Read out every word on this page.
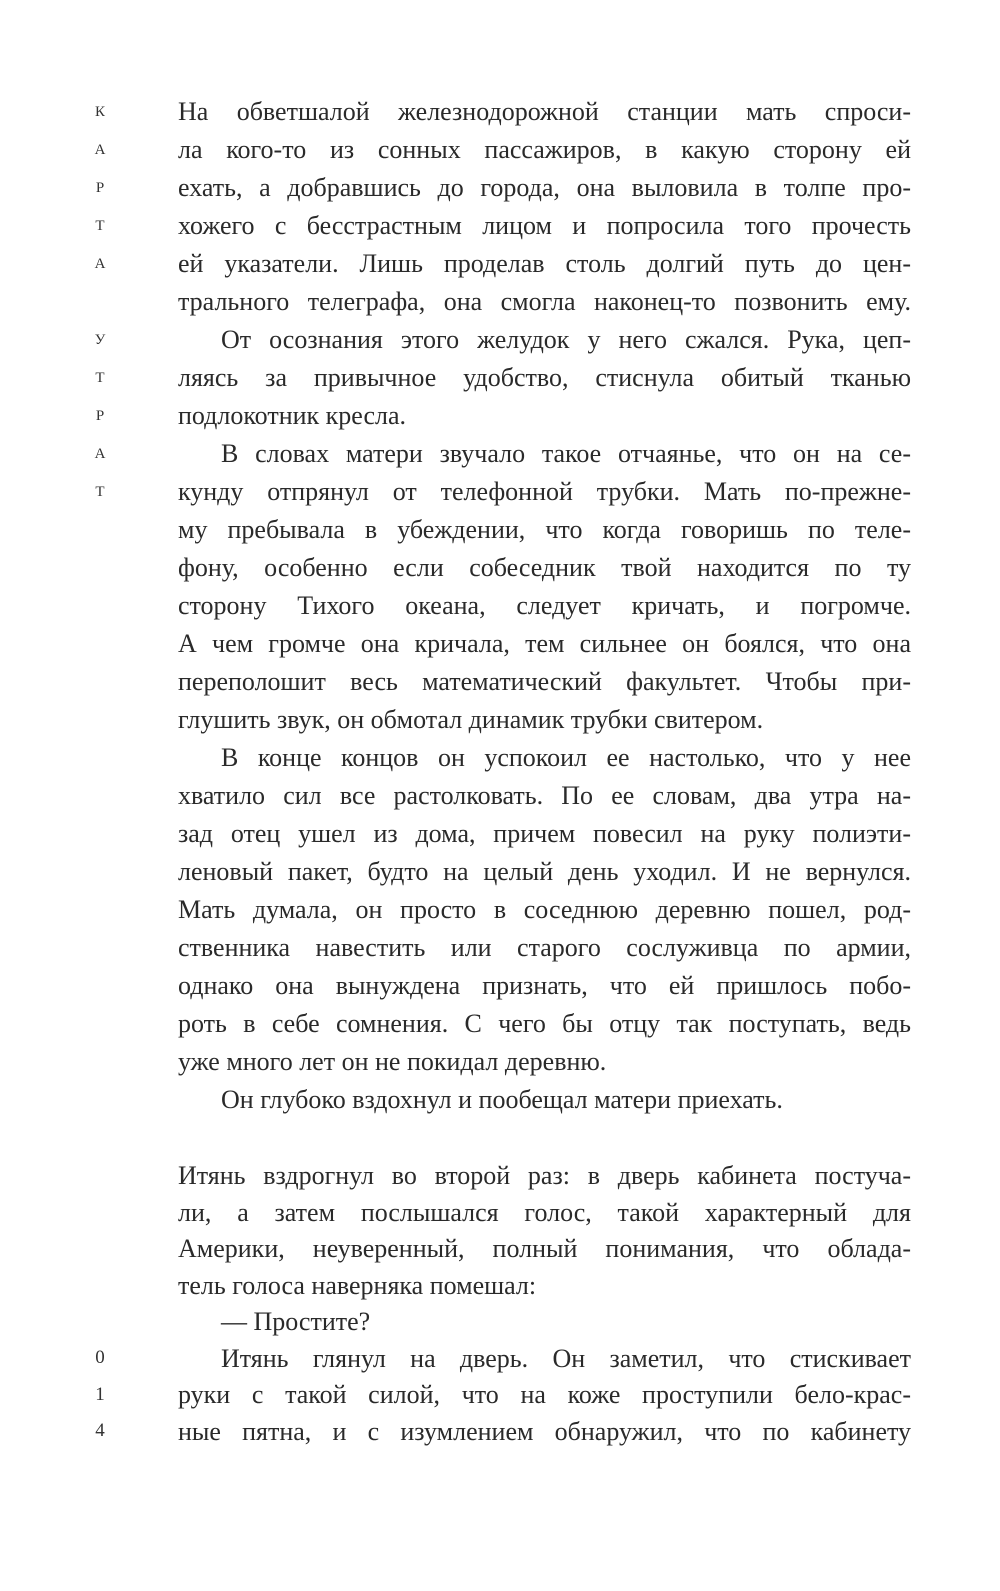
К
А
Р
Т
А
У
Т
Р
А
Т
0
1
4
На обветшалой железнодорожной станции мать спроси-
ла кого-то из сонных пассажиров, в какую сторону ей
ехать, а добравшись до города, она выловила в толпе про-
хожего с бесстрастным лицом и попросила того прочесть
ей указатели. Лишь проделав столь долгий путь до цен-
трального телеграфа, она смогла наконец-то позвонить ему.
От осознания этого желудок у него сжался. Рука, цеп-
ляясь за привычное удобство, стиснула обитый тканью
подлокотник кресла.
В словах матери звучало такое отчаянье, что он на се-
кунду отпрянул от телефонной трубки. Мать по-прежне-
му пребывала в убеждении, что когда говоришь по теле-
фону, особенно если собеседник твой находится по ту
сторону Тихого океана, следует кричать, и погромче.
А чем громче она кричала, тем сильнее он боялся, что она
переполошит весь математический факультет. Чтобы при-
глушить звук, он обмотал динамик трубки свитером.
В конце концов он успокоил ее настолько, что у нее
хватило сил все растолковать. По ее словам, два утра на-
зад отец ушел из дома, причем повесил на руку полиэти-
леновый пакет, будто на целый день уходил. И не вернулся.
Мать думала, он просто в соседнюю деревню пошел, род-
ственника навестить или старого сослуживца по армии,
однако она вынуждена признать, что ей пришлось побо-
роть в себе сомнения. С чего бы отцу так поступать, ведь
уже много лет он не покидал деревню.
Он глубоко вздохнул и пообещал матери приехать.
Итянь вздрогнул во второй раз: в дверь кабинета постуча-
ли, а затем послышался голос, такой характерный для
Америки, неуверенный, полный понимания, что облада-
тель голоса наверняка помешал:
— Простите?
Итянь глянул на дверь. Он заметил, что стискивает
руки с такой силой, что на коже проступили бело-крас-
ные пятна, и с изумлением обнаружил, что по кабинету
